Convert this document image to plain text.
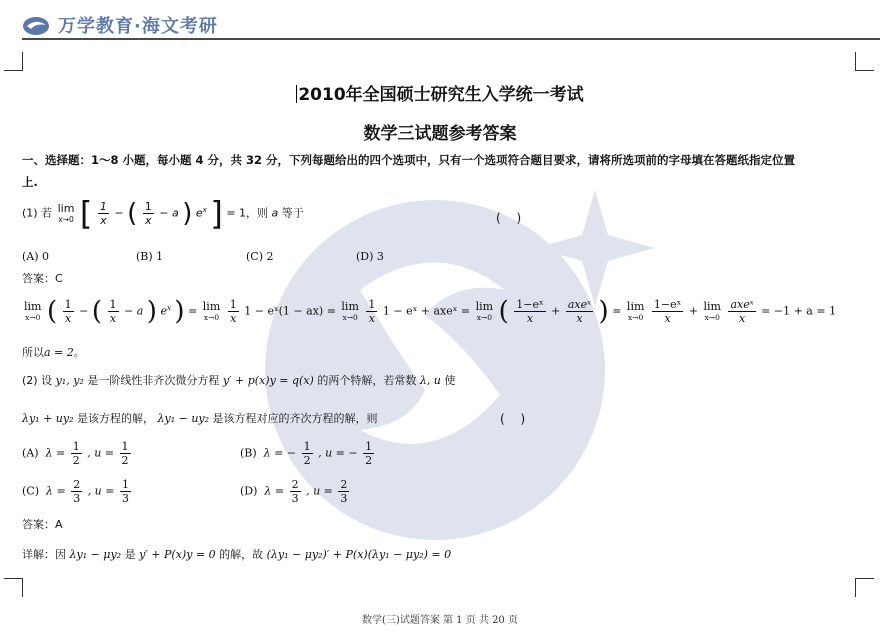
万学教育·海文考研
2010年全国硕士研究生入学统一考试
数学三试题参考答案
一、选择题：1～8 小题，每小题 4 分，共 32 分，下列每题给出的四个选项中，只有一个选项符合题目要求，请将所选项前的字母填在答题纸指定位置
上.
(1) 若 lim
x→0 [ $\frac{1}{x}$ − ( $\frac{1}{x} - a$ ) $e^x$ ] = 1，则 a 等于	(　 )
(A) 0	(B) 1	(C) 2	(D) 3
答案：C
lim
x→0 ( $\frac{1}{x}$ − ( $\frac{1}{x} - a$ ) $e^x$ ) = lim
x→0
$\frac{1}{x} 1$ − eˣ(1 − ax) = lim
x→0
$\frac{1}{x} 1$ − eˣ + axeˣ = lim
x→0 ( $\frac{\text{1−eˣ}}{x} + \frac{\text{axeˣ}}{x}$ ) = lim
x→0
$\frac{\text{1−eˣ}}{x} + \lim$
x→0
$\frac{\text{axeˣ}}{x} = -1 + a = 1$
所以a = 2。
(2) 设 y₁, y₂ 是一阶线性非齐次微分方程 y′ + p(x)y = q(x) 的两个特解，若常数 λ, u 使
λy₁ + uy₂ 是该方程的解， λy₁ − uy₂ 是该方程对应的齐次方程的解，则	(　 )
(A) $\lambda = \frac{1}{2}$ , $u = \frac{1}{2}$	(B) λ = − $\frac{1}{2}$ , u = − $\frac{1}{2}$
(C) $\lambda = \frac{2}{3}$ , $u = \frac{1}{3}$	(D) $\lambda = \frac{2}{3}$ , $u = \frac{2}{3}$
答案：A
详解：因 λy₁ − μy₂ 是 y′ + P(x)y = 0 的解，故 (λy₁ − μy₂)′ + P(x)(λy₁ − μy₂) = 0
数学(三)试题答案 第 1 页 共 20 页
